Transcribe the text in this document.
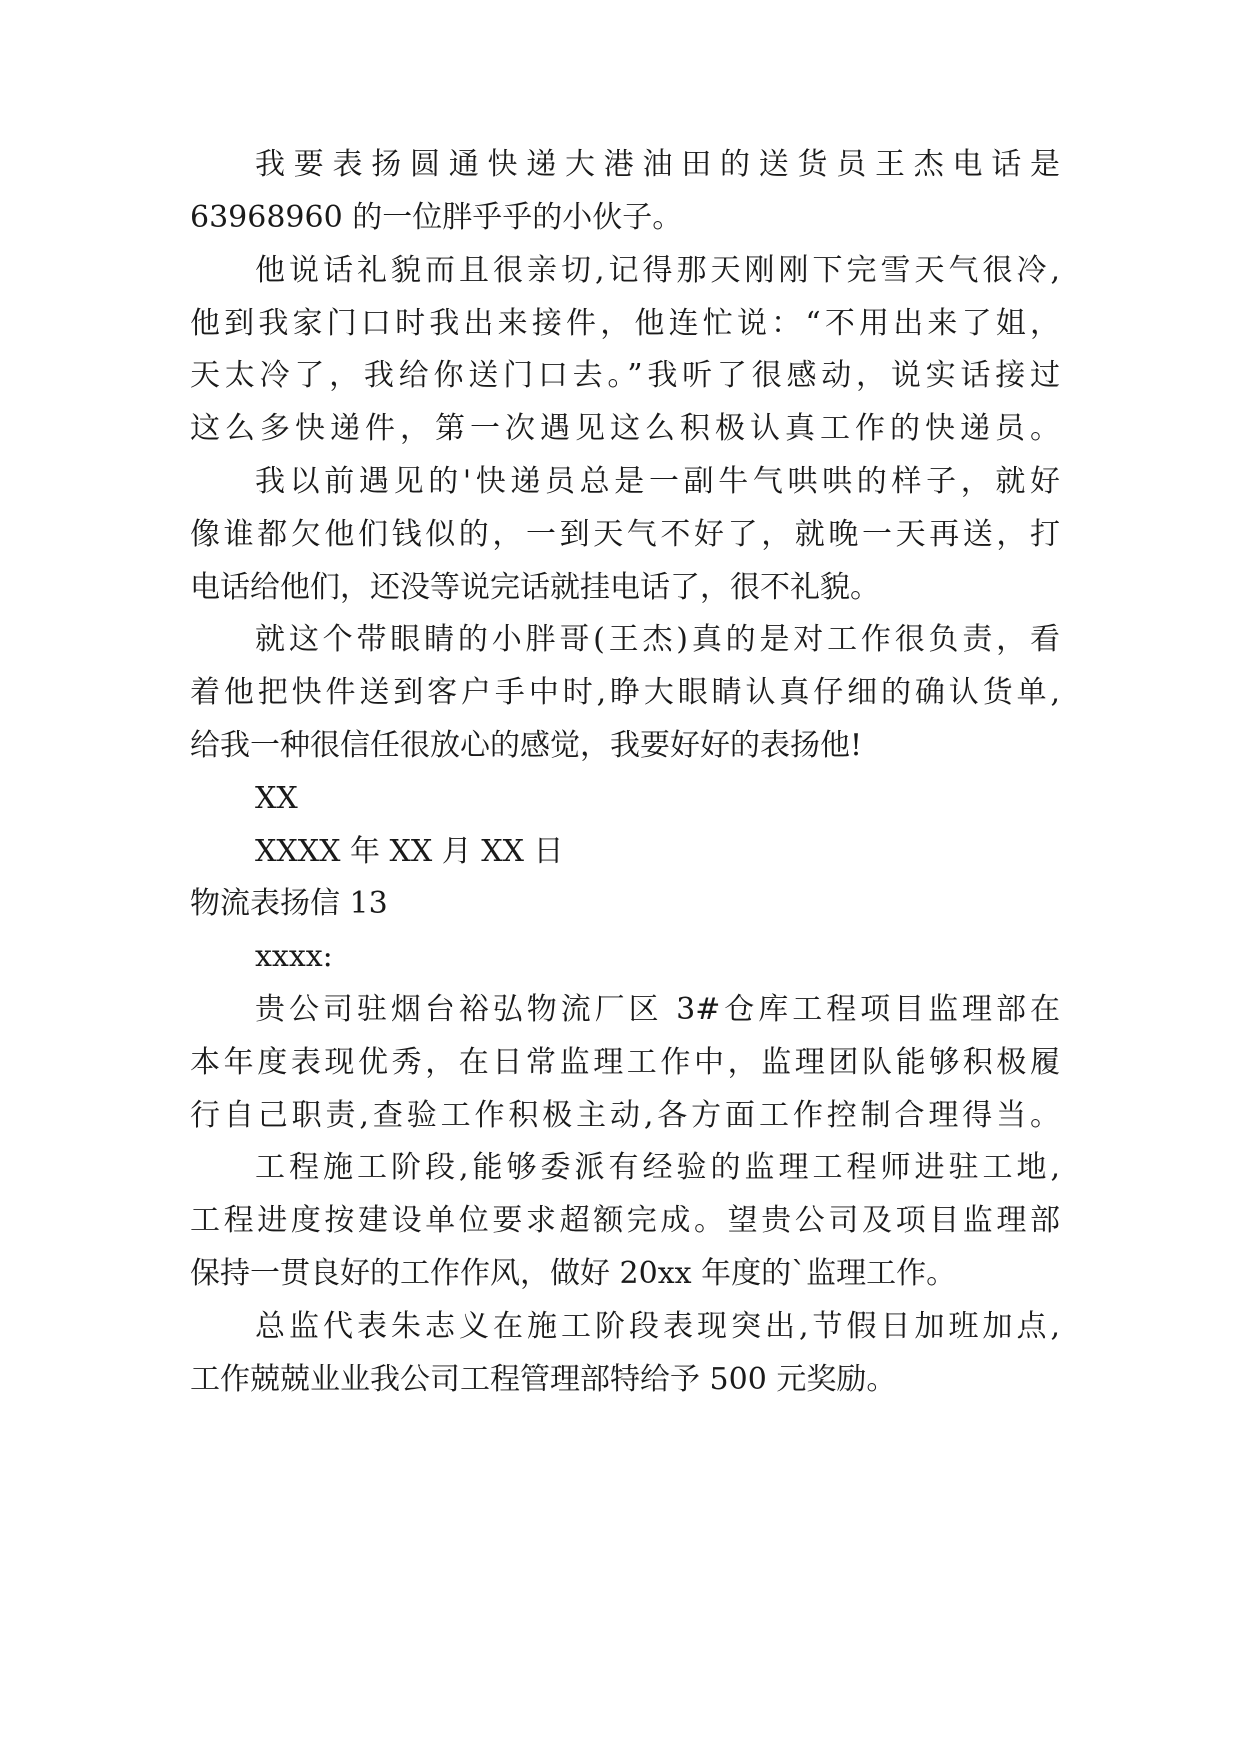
我要表扬圆通快递大港油田的送货员王杰电话是
63968960 的一位胖乎乎的小伙子。
他说话礼貌而且很亲切,记得那天刚刚下完雪天气很冷,
他到我家门口时我出来接件，他连忙说：“不用出来了姐，
天太冷了，我给你送门口去。”我听了很感动，说实话接过
这么多快递件，第一次遇见这么积极认真工作的快递员。
我以前遇见的'快递员总是一副牛气哄哄的样子，就好
像谁都欠他们钱似的，一到天气不好了，就晚一天再送，打
电话给他们，还没等说完话就挂电话了，很不礼貌。
就这个带眼睛的小胖哥(王杰)真的是对工作很负责，看
着他把快件送到客户手中时,睁大眼睛认真仔细的确认货单,
给我一种很信任很放心的感觉，我要好好的表扬他!
XX
XXXX 年 XX 月 XX 日
物流表扬信 13
xxxx:
贵公司驻烟台裕弘物流厂区 3#仓库工程项目监理部在
本年度表现优秀，在日常监理工作中，监理团队能够积极履
行自己职责,查验工作积极主动,各方面工作控制合理得当。
工程施工阶段,能够委派有经验的监理工程师进驻工地,
工程进度按建设单位要求超额完成。望贵公司及项目监理部
保持一贯良好的工作作风，做好 20xx 年度的`监理工作。
总监代表朱志义在施工阶段表现突出,节假日加班加点,
工作兢兢业业我公司工程管理部特给予 500 元奖励。
